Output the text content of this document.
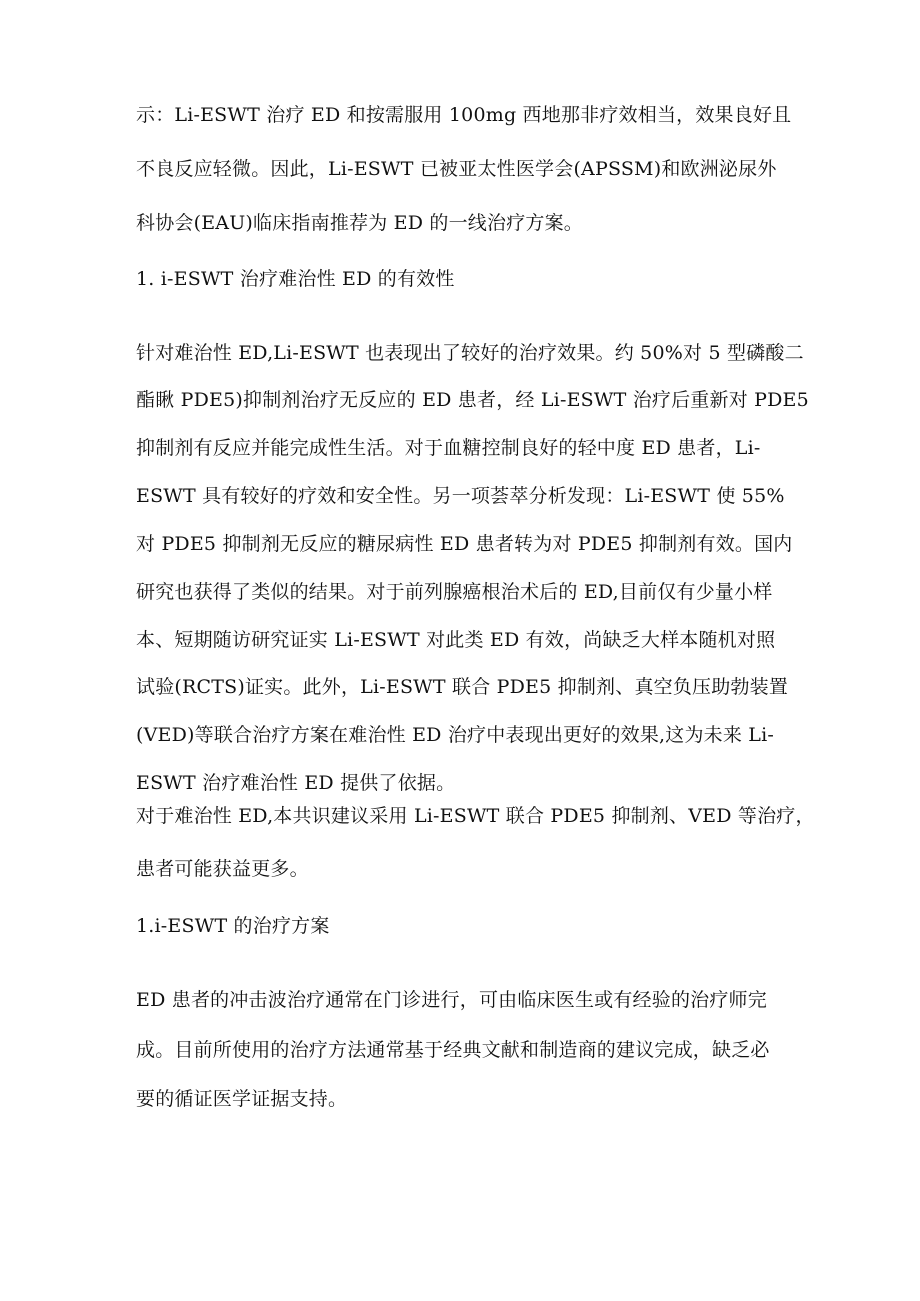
示：Li-ESWT 治疗 ED 和按需服用 100mg 西地那非疗效相当，效果良好且
不良反应轻微。因此，Li-ESWT 已被亚太性医学会(APSSM)和欧洲泌尿外
科协会(EAU)临床指南推荐为 ED 的一线治疗方案。
1. i-ESWT 治疗难治性 ED 的有效性
针对难治性 ED,Li-ESWT 也表现出了较好的治疗效果。约 50%对 5 型磷酸二
酯瞅 PDE5)抑制剂治疗无反应的 ED 患者，经 Li-ESWT 治疗后重新对 PDE5
抑制剂有反应并能完成性生活。对于血糖控制良好的轻中度 ED 患者，Li-
ESWT 具有较好的疗效和安全性。另一项荟萃分析发现：Li-ESWT 使 55%
对 PDE5 抑制剂无反应的糖尿病性 ED 患者转为对 PDE5 抑制剂有效。国内
研究也获得了类似的结果。对于前列腺癌根治术后的 ED,目前仅有少量小样
本、短期随访研究证实 Li-ESWT 对此类 ED 有效，尚缺乏大样本随机对照
试验(RCTS)证实。此外，Li-ESWT 联合 PDE5 抑制剂、真空负压助勃装置
(VED)等联合治疗方案在难治性 ED 治疗中表现出更好的效果,这为未来 Li-
ESWT 治疗难治性 ED 提供了依据。
对于难治性 ED,本共识建议采用 Li-ESWT 联合 PDE5 抑制剂、VED 等治疗，
患者可能获益更多。
1.i-ESWT 的治疗方案
ED 患者的冲击波治疗通常在门诊进行，可由临床医生或有经验的治疗师完
成。目前所使用的治疗方法通常基于经典文献和制造商的建议完成，缺乏必
要的循证医学证据支持。
